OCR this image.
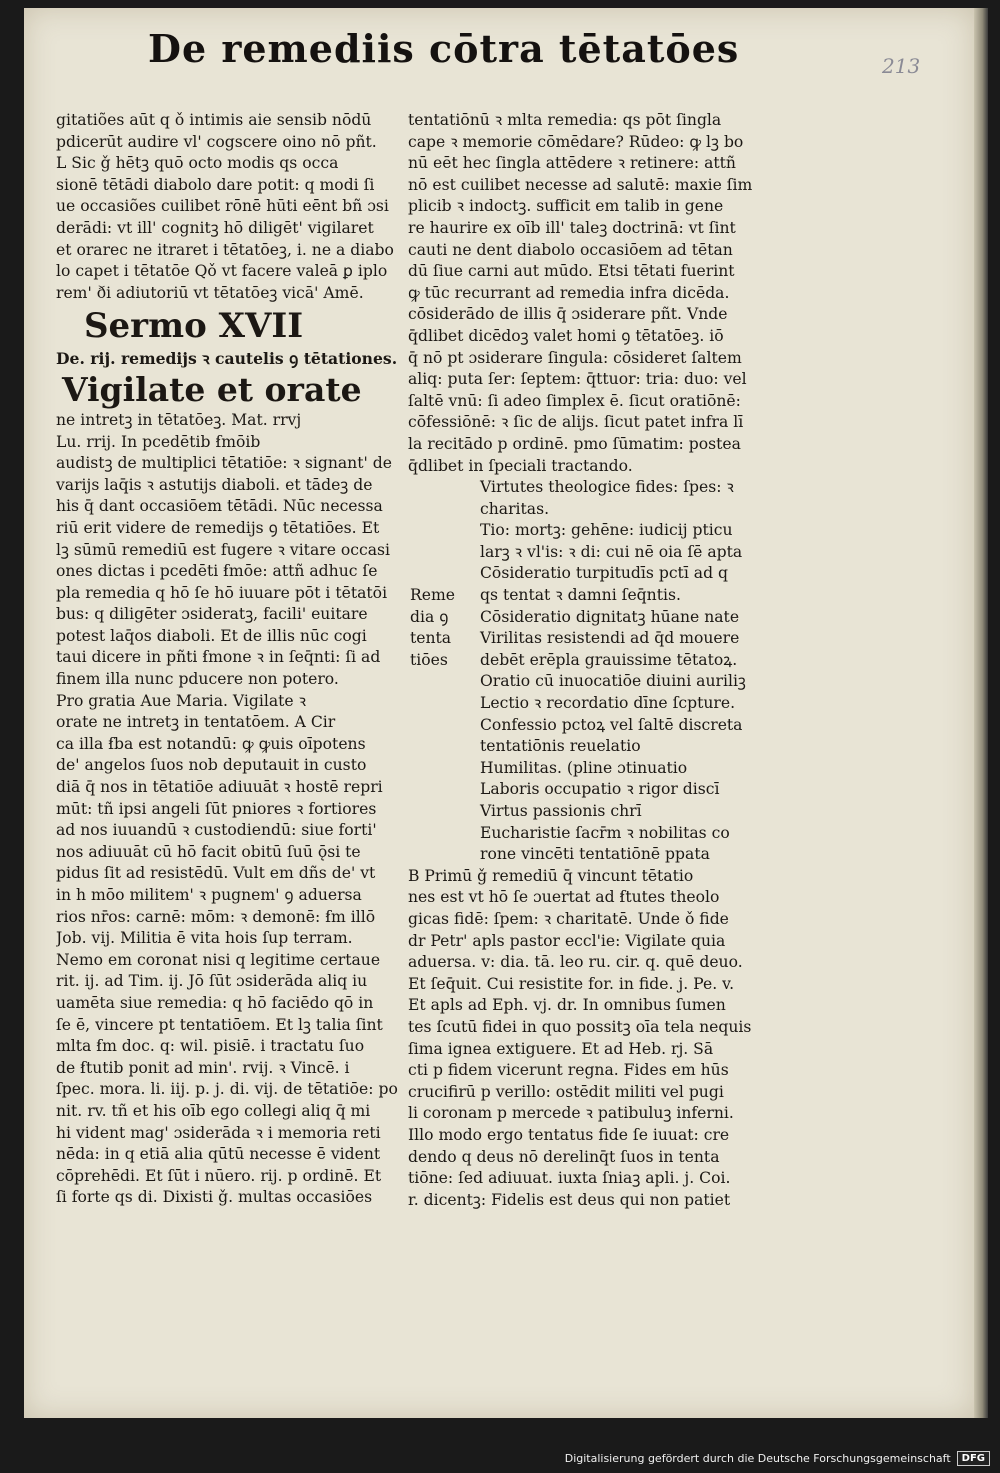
De remediis cōtra tētatōes	213
gitatiões aūt q ǒ intimis aie sensib nōdū
pdicerūt audire vl' cogscere oino nō pñt.
L Sic ǧ hētꝫ quō octo modis qs occa
sionē tētādi diabolo dare potit: q modi ſi
ue occasiões cuilibet rōnē hūti eēnt bñ ɔsi
derādi: vt ill' cognitꝫ hō diligēt' vigilaret
et orarec ne itraret i tētatōeꝫ, i. ne a diabo
lo capet i tētatōe Qǒ vt facere valeā ꝑ iplo
rem' ði adiutoriū vt tētatōeꝫ vicā' Amē.
Sermo XVII
De. rij. remedijs ꝛ cautelis ꝯ tētationes.
Vigilate et orate
ne intretꝫ in tētatōeꝫ. Mat. rrvj
Lu. rrij. In pcedētib ẜmōib
audistꝫ de multiplici tētatiōe: ꝛ signant' de
varijs laq̄is ꝛ astutijs diaboli. et tādeꝫ de
his q̄ dant occasiōem tētādi. Nūc necessa
riū erit videre de remedijs ꝯ tētatiōes. Et
lꝫ sūmū remediū est fugere ꝛ vitare occasi
ones dictas i pcedēti ẜmōe: attñ adhuc ſe
pla remedia q hō ſe hō iuuare pōt i tētatōi
bus: q diligēter ɔsideratꝫ, facili' euitare
potest laq̄os diaboli. Et de illis nūc cogi
taui dicere in pñti ẜmone ꝛ in ſeq̄nti: ſi ad
finem illa nunc pducere non potero.
Pro gratia Aue Maria. Vigilate ꝛ
orate ne intretꝫ in tentatōem. A Cir
ca illa ẜba est notandū: ꝙ ꝙuis oīpotens
de' angelos ſuos nob deputauit in custo
diā q̄ nos in tētatiōe adiuuāt ꝛ hostē repri
mūt: tñ ipsi angeli ſūt pniores ꝛ fortiores
ad nos iuuandū ꝛ custodiendū: siue forti'
nos adiuuāt cū hō facit obitū ſuū ǭsi te
pidus ſit ad resistēdū. Vult em dñs de' vt
in h mōo militem' ꝛ pugnem' ꝯ aduersa
rios nr̄os: carnē: mōm: ꝛ demonē: ẜm illō
Job. vij. Militia ē vita hois ſup terram.
Nemo em coronat nisi q legitime certaue
rit. ij. ad Tim. ij. Jō ſūt ɔsiderāda aliq iu
uamēta siue remedia: q hō faciēdo qō in
ſe ē, vincere pt tentatiōem. Et lꝫ talia ſint
mlta ẜm doc. q: wil. pisiē. i tractatu ſuo
de ẜtutib ponit ad min'. rvij. ꝛ Vincē. i
ſpec. mora. li. iij. p. j. di. vij. de tētatiōe: po
nit. rv. tñ et his oīb ego collegi aliq q̄ mi
hi vident mag' ɔsiderāda ꝛ i memoria reti
nēda: in q etiā alia qūtū necesse ē vident
cōprehēdi. Et ſūt i nūero. rij. p ordinē. Et
ſi forte qs di. Dixisti ǧ. multas occasiōes
tentatiōnū ꝛ mlta remedia: qs pōt ſingla
cape ꝛ memorie cōmēdare? Rūdeo: ꝙ lꝫ bo
nū eēt hec ſingla attēdere ꝛ retinere: attñ
nō est cuilibet necesse ad salutē: maxie ſim
plicib ꝛ indoctꝫ. sufficit em talib in gene
re haurire ex oīb ill' taleꝫ doctrinā: vt ſint
cauti ne dent diabolo occasiōem ad tētan
dū ſiue carni aut mūdo. Etsi tētati fuerint
ꝙ tūc recurrant ad remedia infra dicēda.
cōsiderādo de illis q̄ ɔsiderare pñt. Vnde
q̄dlibet dicēdoꝫ valet homi ꝯ tētatōeꝫ. iō
q̄ nō pt ɔsiderare ſingula: cōsideret ſaltem
aliq: puta ſer: ſeptem: q̄ttuor: tria: duo: vel
ſaltē vnū: ſi adeo ſimplex ē. ſicut oratiōnē:
cōfessiōnē: ꝛ ſic de alijs. ſicut patet infra lī
la recitādo p ordinē. pmo ſūmatim: postea
q̄dlibet in ſpeciali tractando.
Reme
dia ꝯ
tenta
tiōes
Virtutes theologice fides: ſpes: ꝛ
charitas.
Tio: mortꝫ: gehēne: iudicij pticu
larꝫ ꝛ vl'is: ꝛ di: cui nē oia ſē apta
Cōsideratio turpitudīs pctī ad q
qs tentat ꝛ damni ſeq̄ntis.
Cōsideratio dignitatꝫ hūane nate
Virilitas resistendi ad q̄d mouere
debēt erēpla grauissime tētatoꝝ.
Oratio cū inuocatiōe diuini auriliꝫ
Lectio ꝛ recordatio dīne ſcpture.
Confessio pctoꝝ vel ſaltē discreta
tentatiōnis reuelatio
Humilitas. (pline ɔtinuatio
Laboris occupatio ꝛ rigor discī
Virtus passionis chrī
Eucharistie ſacr̄m ꝛ nobilitas co
rone vincēti tentatiōnē ppata
B Primū ǧ remediū q̄ vincunt tētatio
nes est vt hō ſe ɔuertat ad ẜtutes theolo
gicas fidē: ſpem: ꝛ charitatē. Unde ǒ fide
dr Petr' apls pastor eccl'ie: Vigilate quia
aduersa. v: dia. tā. leo ru. cir. q. quē deuo.
Et ſeq̄uit. Cui resistite for. in fide. j. Pe. v.
Et apls ad Eph. vj. dr. In omnibus ſumen
tes ſcutū fidei in quo possitꝫ oīa tela nequis
ſima ignea extiguere. Et ad Heb. rj. Sā
cti p fidem vicerunt regna. Fides em hūs
crucifirū p verillo: ostēdit militi vel pugi
li coronam p mercede ꝛ patibuluꝫ inferni.
Illo modo ergo tentatus fide ſe iuuat: cre
dendo q deus nō derelinq̄t ſuos in tenta
tiōne: ſed adiuuat. iuxta ſniaꝫ apli. j. Coi.
r. dicentꝫ: Fidelis est deus qui non patiet
Digitalisierung gefördert durch die Deutsche Forschungsgemeinschaft	DFG
